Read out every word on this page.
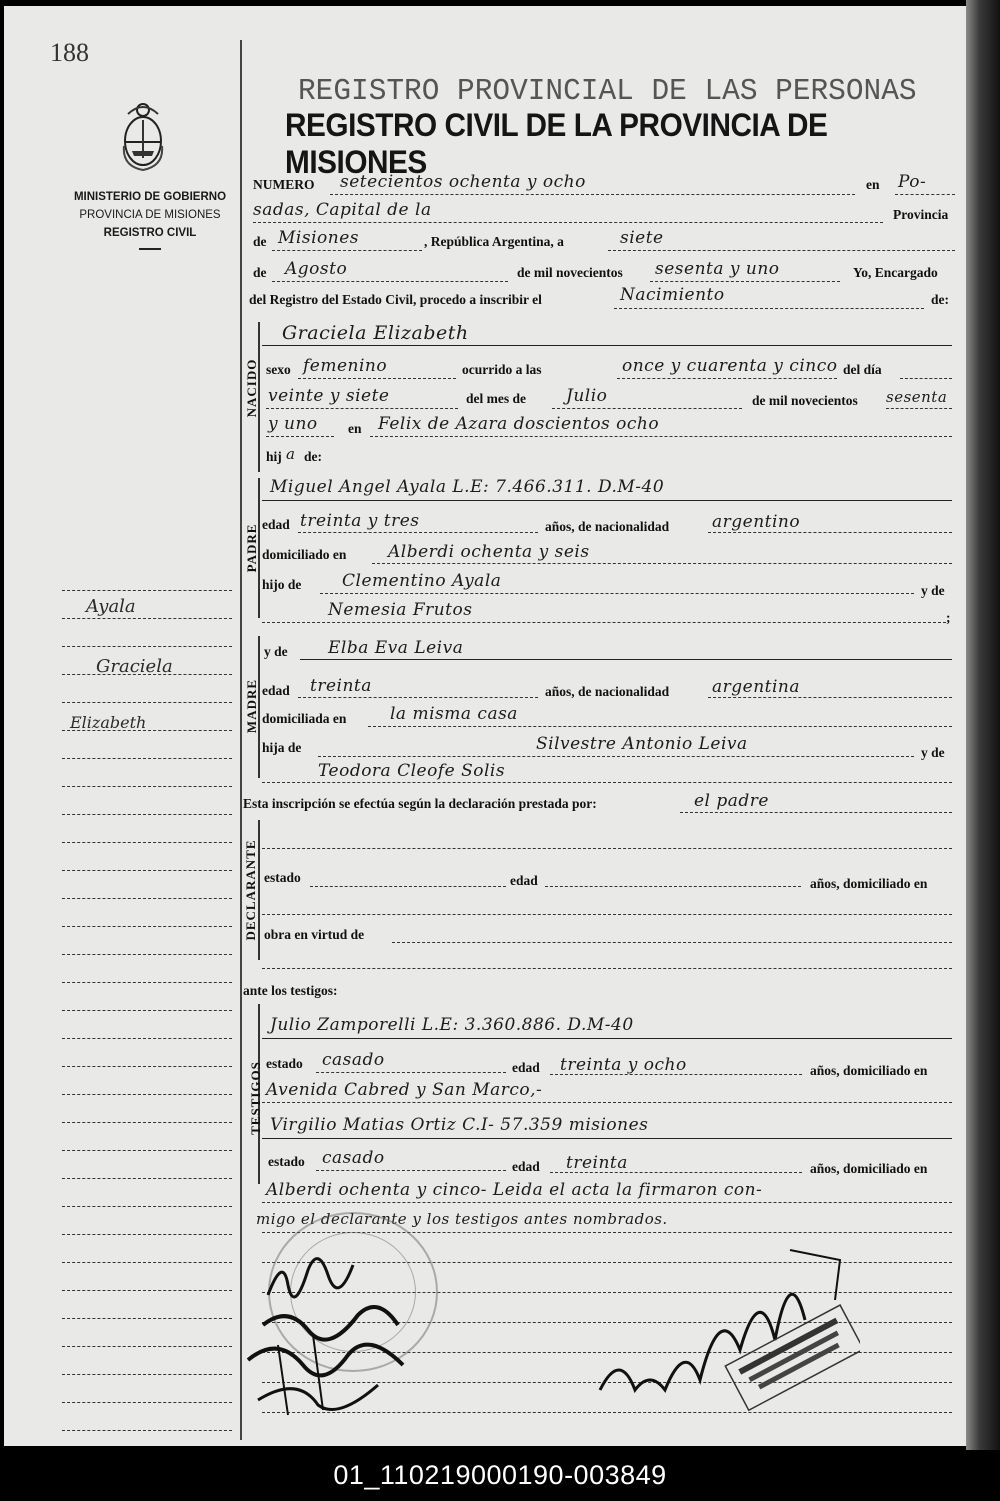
188
MINISTERIO DE GOBIERNO
PROVINCIA DE MISIONES
REGISTRO CIVIL
REGISTRO PROVINCIAL DE LAS PERSONAS
REGISTRO CIVIL DE LA PROVINCIA DE MISIONES
NUMERO setecientos ochenta y ocho	en Po-
sadas, Capital de la	Provincia
de Misiones	, República Argentina, a	siete
de Agosto	de mil novecientos sesenta y uno	Yo, Encargado
del Registro del Estado Civil, procedo a inscribir el	Nacimiento	de:
NACIDO
Graciela Elizabeth
sexo femenino	ocurrido a las	once y cuarenta y cinco del día
veinte y siete	del mes de Julio	de mil novecientos sesenta
y uno en Felix de Azara doscientos ocho
hij a de:
PADRE
Miguel Angel Ayala L.E: 7.466.311. D.M-40
edad treinta y tres	años, de nacionalidad	argentino
domiciliado en Alberdi ochenta y seis
hijo de Clementino Ayala	y de
Nemesia Frutos	;
MADRE
y de Elba Eva Leiva
edad treinta	años, de nacionalidad	argentina
domiciliada en	la misma casa
hija de	Silvestre Antonio Leiva	y de
Teodora Cleofe Solis
Esta inscripción se efectúa según la declaración prestada por:	el padre
DECLARANTE estado	edad	años, domiciliado en
obra en virtud de
ante los testigos:
TESTIGOS
Julio Zamporelli L.E: 3.360.886. D.M-40
estado casado	edad treinta y ocho	años, domiciliado en
Avenida Cabred y San Marco,-
Virgilio Matias Ortiz C.I- 57.359 misiones
estado casado	edad treinta	años, domiciliado en
Alberdi ochenta y cinco- Leida el acta la firmaron con-
migo el declarante y los testigos antes nombrados.
Ayala
Graciela
Elizabeth
01_110219000190-003849
